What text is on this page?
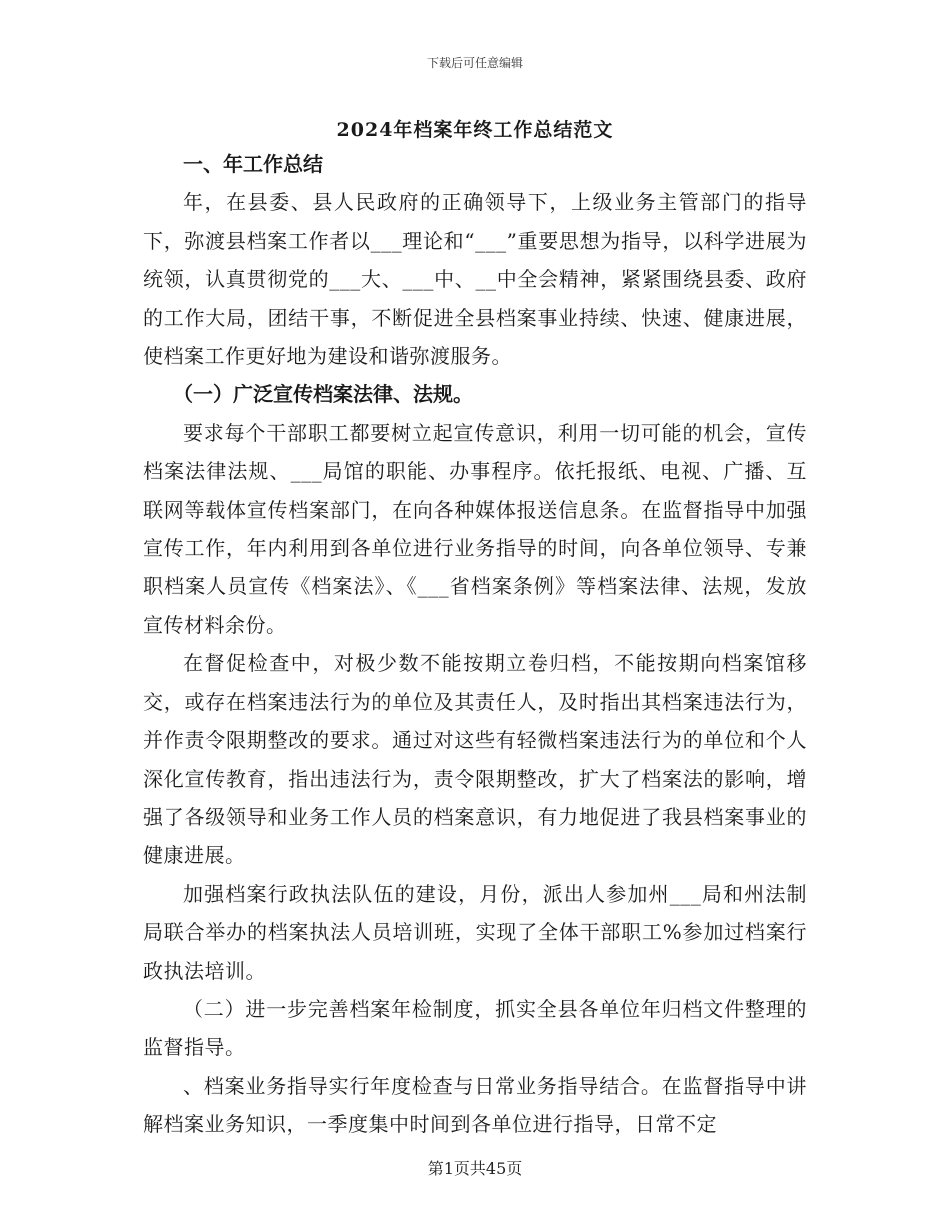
下载后可任意编辑
2024年档案年终工作总结范文
一、年工作总结

年，在县委、县人民政府的正确领导下，上级业务主管部门的指导下，弥渡县档案工作者以___理论和“___”重要思想为指导，以科学进展为统领，认真贯彻党的___大、___中、__中全会精神，紧紧围绕县委、政府的工作大局，团结干事，不断促进全县档案事业持续、快速、健康进展，使档案工作更好地为建设和谐弥渡服务。

（一）广泛宣传档案法律、法规。

要求每个干部职工都要树立起宣传意识，利用一切可能的机会，宣传档案法律法规、___局馆的职能、办事程序。依托报纸、电视、广播、互联网等载体宣传档案部门，在向各种媒体报送信息条。在监督指导中加强宣传工作，年内利用到各单位进行业务指导的时间，向各单位领导、专兼职档案人员宣传《档案法》、《___省档案条例》等档案法律、法规，发放宣传材料余份。

在督促检查中，对极少数不能按期立卷归档，不能按期向档案馆移交，或存在档案违法行为的单位及其责任人，及时指出其档案违法行为，并作责令限期整改的要求。通过对这些有轻微档案违法行为的单位和个人深化宣传教育，指出违法行为，责令限期整改，扩大了档案法的影响，增强了各级领导和业务工作人员的档案意识，有力地促进了我县档案事业的健康进展。

加强档案行政执法队伍的建设，月份，派出人参加州___局和州法制局联合举办的档案执法人员培训班，实现了全体干部职工%参加过档案行政执法培训。

（二）进一步完善档案年检制度，抓实全县各单位年归档文件整理的监督指导。

、档案业务指导实行年度检查与日常业务指导结合。在监督指导中讲解档案业务知识，一季度集中时间到各单位进行指导，日常不定

第1页共45页
